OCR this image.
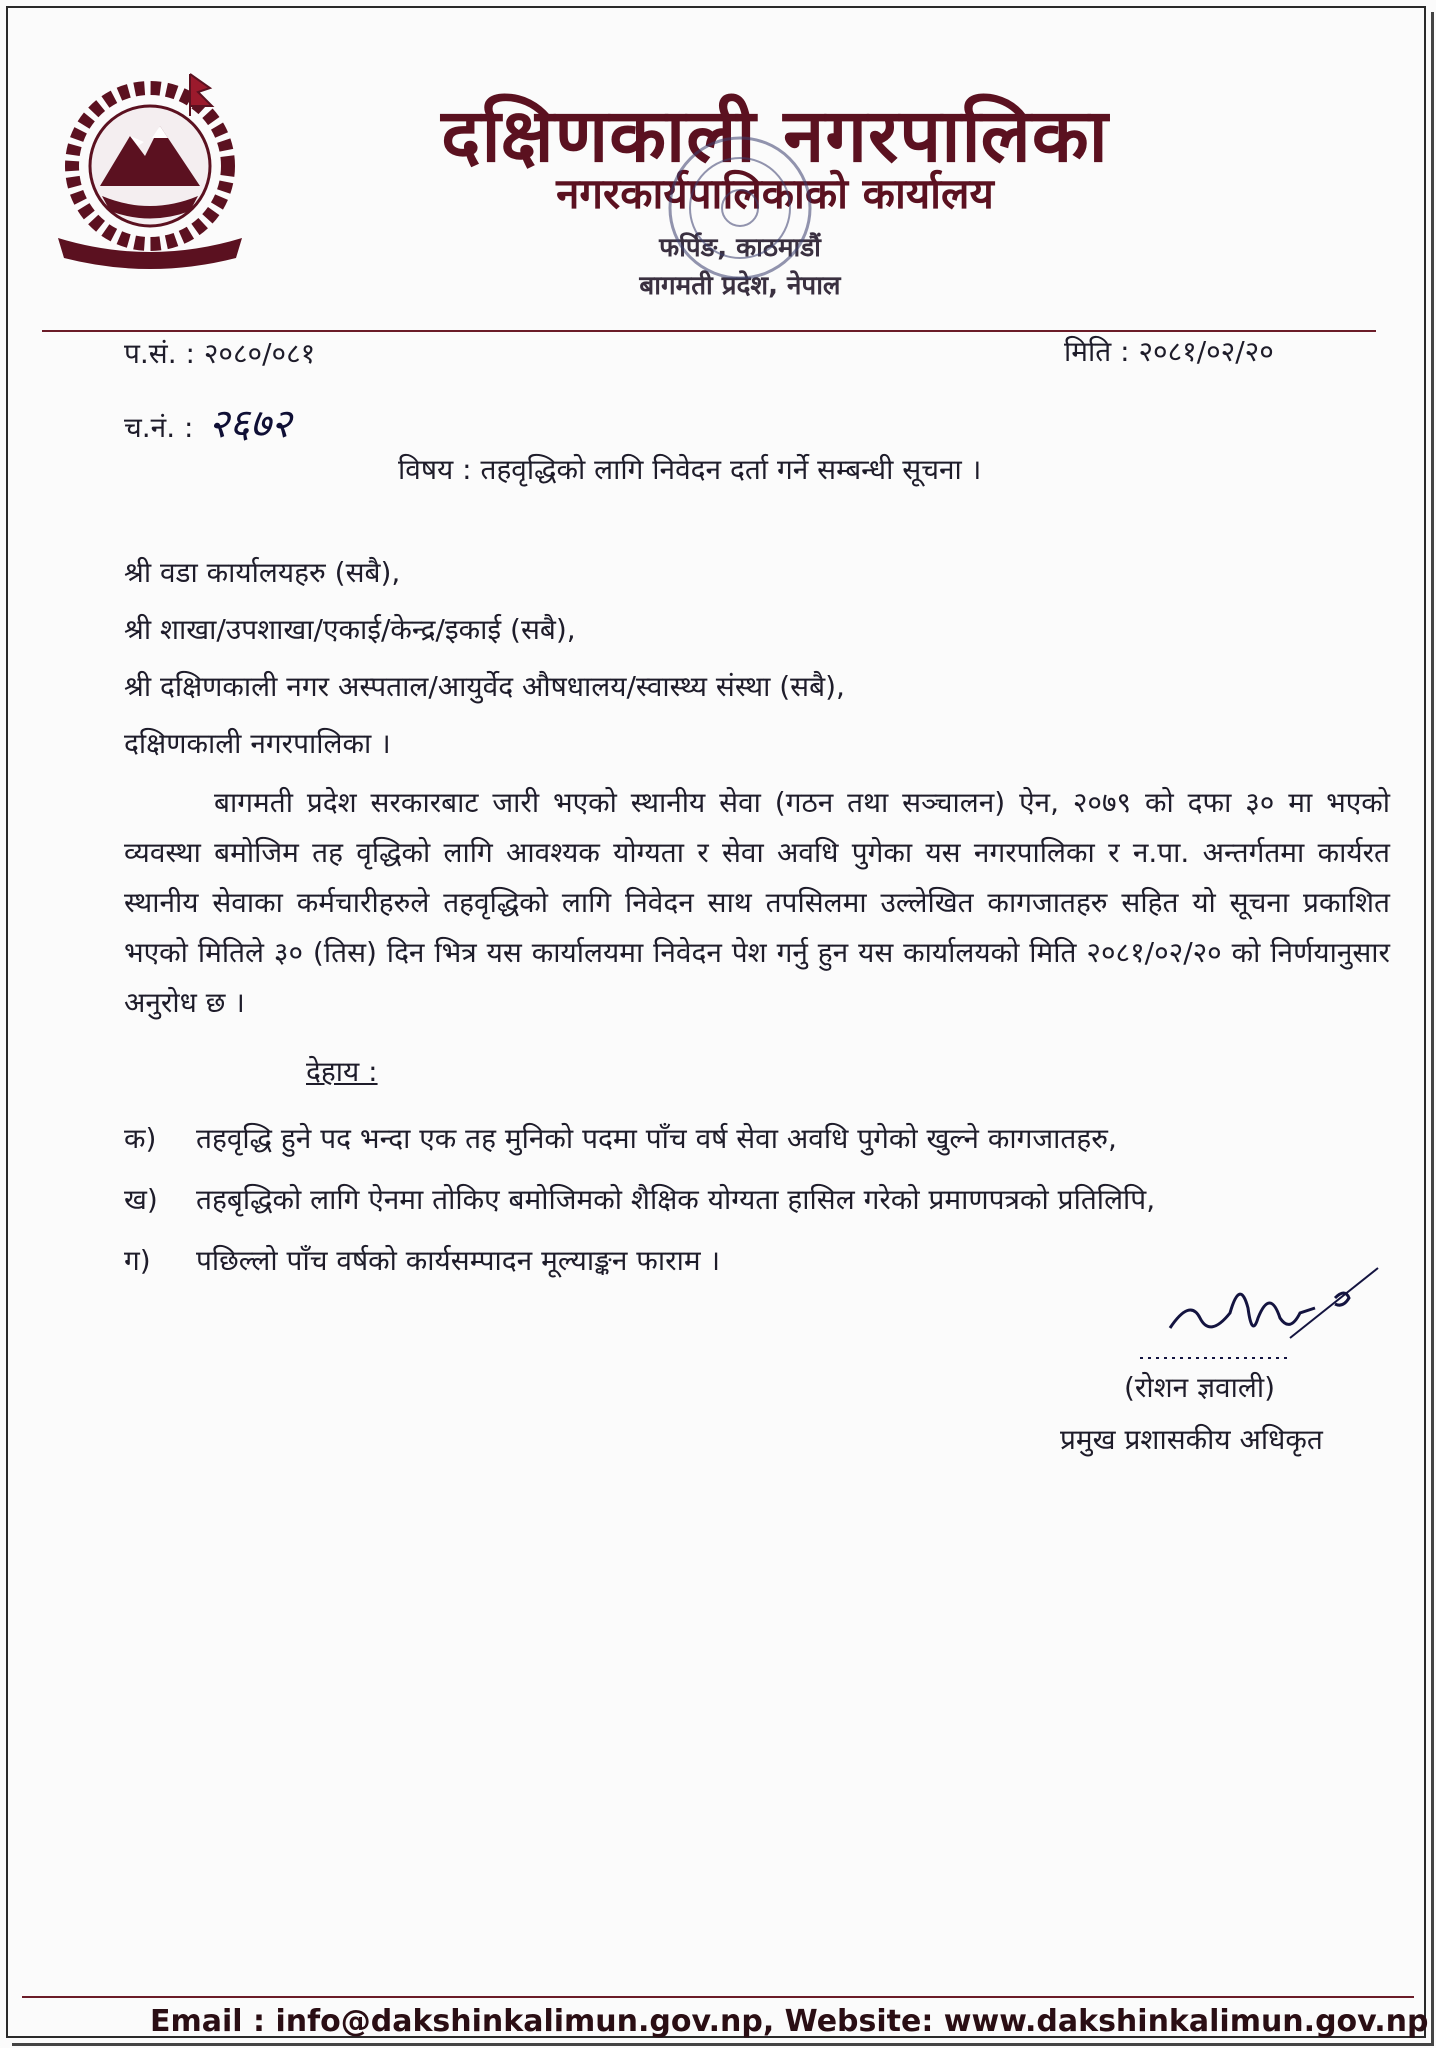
दक्षिणकाली नगरपालिका
नगरकार्यपालिकाको कार्यालय
फर्पिङ, काठमाडौं
बागमती प्रदेश, नेपाल
प.सं. : २०८०/०८१	मिति : २०८१/०२/२०
च.नं. : २६७२
विषय : तहवृद्धिको लागि निवेदन दर्ता गर्ने सम्बन्धी सूचना ।
श्री वडा कार्यालयहरु (सबै),
श्री शाखा/उपशाखा/एकाई/केन्द्र/इकाई (सबै),
श्री दक्षिणकाली नगर अस्पताल/आयुर्वेद औषधालय/स्वास्थ्य संस्था (सबै),
दक्षिणकाली नगरपालिका ।

बागमती प्रदेश सरकारबाट जारी भएको स्थानीय सेवा (गठन तथा सञ्चालन) ऐन, २०७९ को दफा ३० मा भएको व्यवस्था बमोजिम तह वृद्धिको लागि आवश्यक योग्यता र सेवा अवधि पुगेका यस नगरपालिका र न.पा. अन्तर्गतमा कार्यरत स्थानीय सेवाका कर्मचारीहरुले तहवृद्धिको लागि निवेदन साथ तपसिलमा उल्लेखित कागजातहरु सहित यो सूचना प्रकाशित भएको मितिले ३० (तिस) दिन भित्र यस कार्यालयमा निवेदन पेश गर्नु हुन यस कार्यालयको मिति २०८१/०२/२० को निर्णयानुसार अनुरोध छ ।

देहाय :
क) तहवृद्धि हुने पद भन्दा एक तह मुनिको पदमा पाँच वर्ष सेवा अवधि पुगेको खुल्ने कागजातहरु,
ख) तहबृद्धिको लागि ऐनमा तोकिए बमोजिमको शैक्षिक योग्यता हासिल गरेको प्रमाणपत्रको प्रतिलिपि,
ग) पछिल्लो पाँच वर्षको कार्यसम्पादन मूल्याङ्कन फाराम ।
(रोशन ज्ञवाली)
प्रमुख प्रशासकीय अधिकृत
Email : info@dakshinkalimun.gov.np, Website: www.dakshinkalimun.gov.np
